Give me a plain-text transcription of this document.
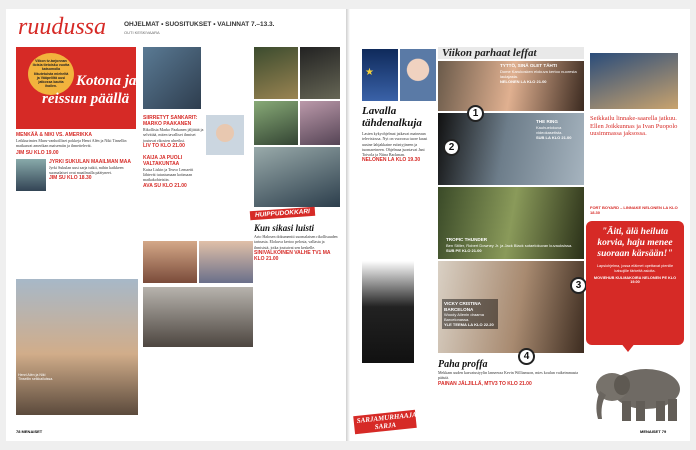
ruudussa	OHJELMAT • SUOSITUKSET • VALINNAT 7.–13.3.
OUTI KESKIVAARA
Viikon tv-tarjonnan iloisia tietoisku vuotta katsomolla liikutetuista mieheltä ja Vääpeliltä uusi jatkossa kautta ihailen.	Kotona ja
reissun päällä
MENKÄÄ & NIKI VS. AMERIKKA
Leikkurimies Muru-vanhoilliset pokkeja Henri Alén ja Niki Tinsellin matkaavat amerikan maisemiin ja ihmettelevät.
JIM SU KLO 19.00
JYRKI SUKULAN MAAILMAN MAA
Jyrki Sukulan uusi sarja tutkii, mihin kaikkeen suomalaiset ovat maailmalla päätyneet.
JIM SU KLO 18.30
SIIRRETYT SANKARIT: MARKO PAAKANEN
Rikollisia Marko Paakanen jäljittää ja selvittää, miten tavalliset ihmiset joutuvat rikosten uhreiksi.
LIV TO KLO 21.00
KAIJA JA PUOLI VALTAKUNTAA
Kaisa Liskin ja Teuvo Lemaetti lähtevät tutustumaan kotimaan matkakohteisiin.
AVA SU KLO 21.00
Henri Alén ja Niki Tinsellin seikkailuissa.
HUIPPUDOKKARI
Kun sikasi luisti
Arto Halosen dokumentti suomalaisen rikollisuuden tarinasta. Elokuva kertoo pelosta, vallasta ja ihmisistä, jotka joutuivat sen keskelle.
SINIVALKOINEN VALHE TV1 MA KLO 21.00
78 MENAISET
Viikon parhaat leffat
★
Lavalla tähdenalkuja
Lasten kykyohjelmat jatkavat maineaan televisiossa. Nyt on vuorossa tuore kausi uusine lahjakkaine esiintyjineen ja tuomareineen. Ohjelmaa juontavat Jani Toivola ja Niina Backman.
NELONEN LA KLO 19.30
TYTTÖ, SINÄ OLET TÄHTI
Dome Karukosken elokuva kertoo nuoresta laulajasta.
NELONEN LA KLO 21.00
THE RING
Kauhuelokuva videokasetista.
SUB LA KLO 21.00
TROPIC THUNDER
Ben Stiller, Robert Downey Jr. ja Jack Black sotaelokuvan kuvauksissa.
SUB PE KLO 21.00
VICKY CRISTINA BARCELONA
Woody Allenin draama Barcelonassa.
YLE TEEMA LA KLO 22.20
1
2
3
4
Paha proffa
Mekkam uuden kasvatustyylin lanseeraa Kevin Williamson, mies koulun vaikeimmasta päästä.
PAINAN JÄLJILLÄ, MTV3 TO KLO 21.00
SARJAMURHAAJA- SARJA
Seikkailu linnake-saarella jatkuu. Ellen Joikkunnas ja Ivan Puopolo uusimmassa jaksossa.
FORT BOYARD – LINNAKE NELONEN LA KLO 18.30
"Äiti, älä heiluta korvia, haju menee suoraan kärsään!"
Lapsiohjelma, jossa eläimet opettavat pienille katsojille tärkeitä asioita.
MOVIEHUB KULMAKOIRA NELONEN PE KLO 19.00
MENAISET 79
